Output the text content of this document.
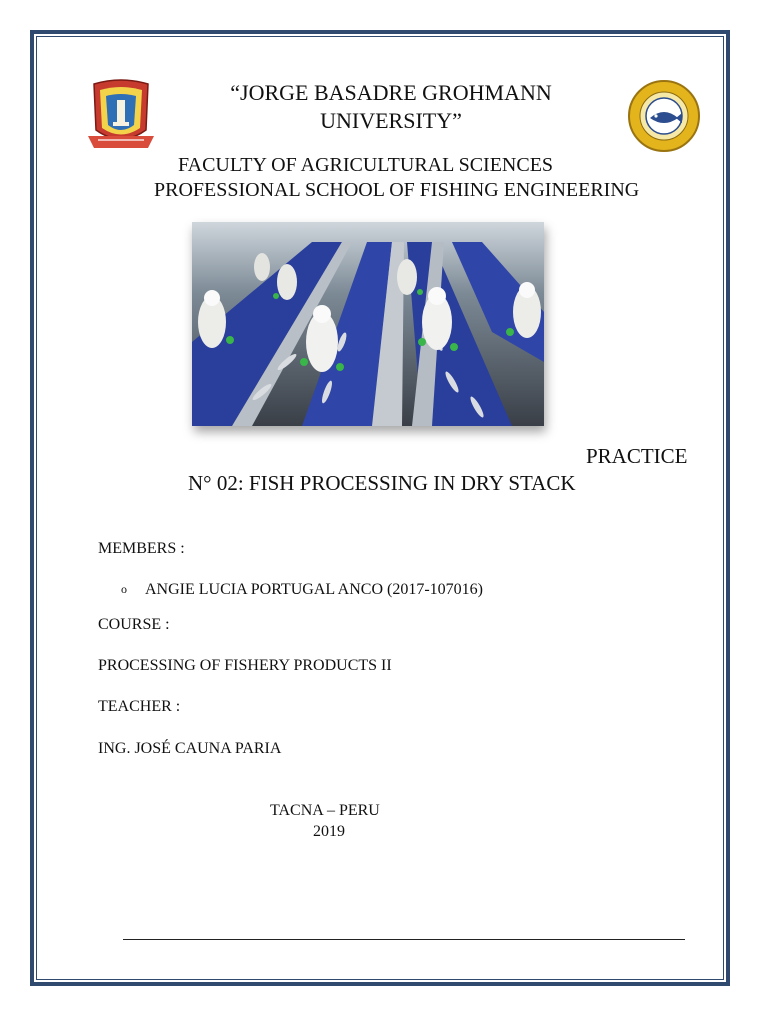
“JORGE BASADRE GROHMANN
UNIVERSITY”
FACULTY OF AGRICULTURAL SCIENCES
PROFESSIONAL SCHOOL OF FISHING ENGINEERING
PRACTICE
N° 02: FISH PROCESSING IN DRY STACK
MEMBERS :
o ANGIE LUCIA PORTUGAL ANCO (2017-107016)
COURSE :
PROCESSING OF FISHERY PRODUCTS II
TEACHER :
ING. JOSÉ CAUNA PARIA
TACNA – PERU
2019
